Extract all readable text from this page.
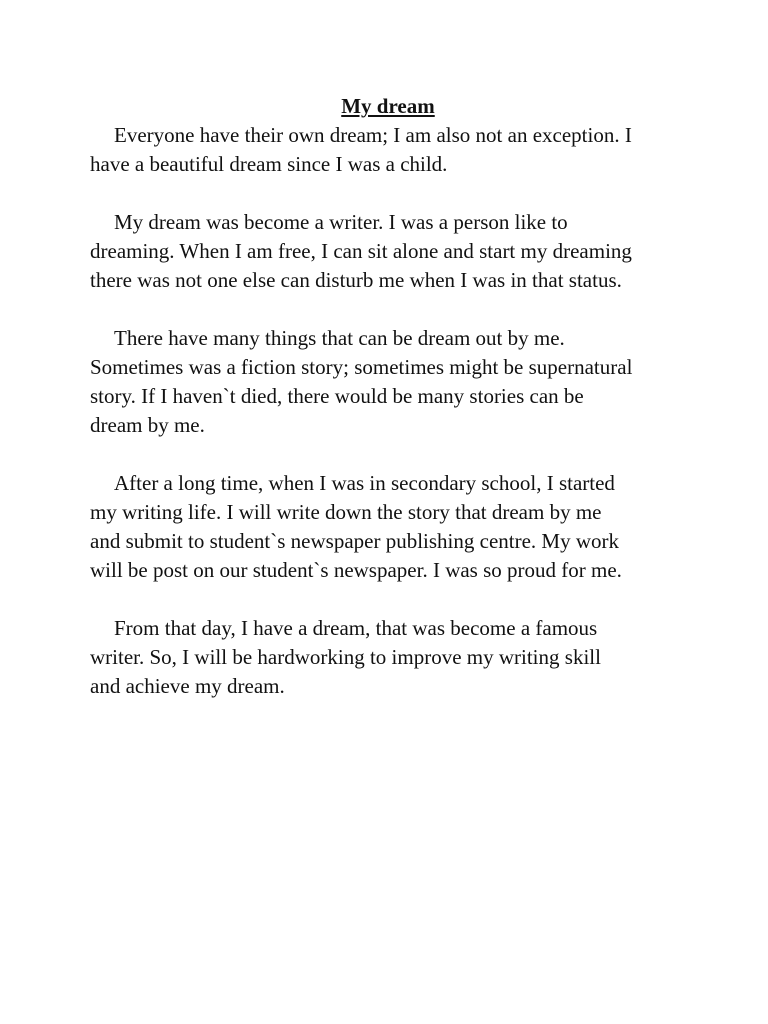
My dream

Everyone have their own dream; I am also not an exception. I
have a beautiful dream since I was a child.

My dream was become a writer. I was a person like to
dreaming. When I am free, I can sit alone and start my dreaming
there was not one else can disturb me when I was in that status.

There have many things that can be dream out by me.
Sometimes was a fiction story; sometimes might be supernatural
story. If I haven`t died, there would be many stories can be
dream by me.

After a long time, when I was in secondary school, I started
my writing life. I will write down the story that dream by me
and submit to student`s newspaper publishing centre. My work
will be post on our student`s newspaper. I was so proud for me.

From that day, I have a dream, that was become a famous
writer. So, I will be hardworking to improve my writing skill
and achieve my dream.
